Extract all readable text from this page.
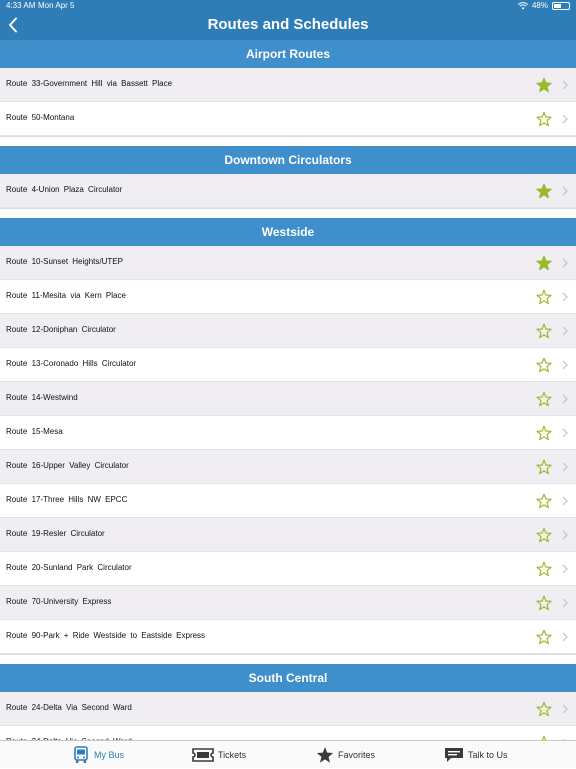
4:33 AM Mon Apr 5	48%
Routes and Schedules
Airport Routes
Route 33-Government Hill via Bassett Place
Route 50-Montana
Downtown Circulators
Route 4-Union Plaza Circulator
Westside
Route 10-Sunset Heights/UTEP
Route 11-Mesita via Kern Place
Route 12-Doniphan Circulator
Route 13-Coronado Hills Circulator
Route 14-Westwind
Route 15-Mesa
Route 16-Upper Valley Circulator
Route 17-Three Hills NW EPCC
Route 19-Resler Circulator
Route 20-Sunland Park Circulator
Route 70-University Express
Route 90-Park + Ride Westside to Eastside Express
South Central
Route 24-Delta Via Second Ward
My Bus	Tickets	Favorites	Talk to Us
